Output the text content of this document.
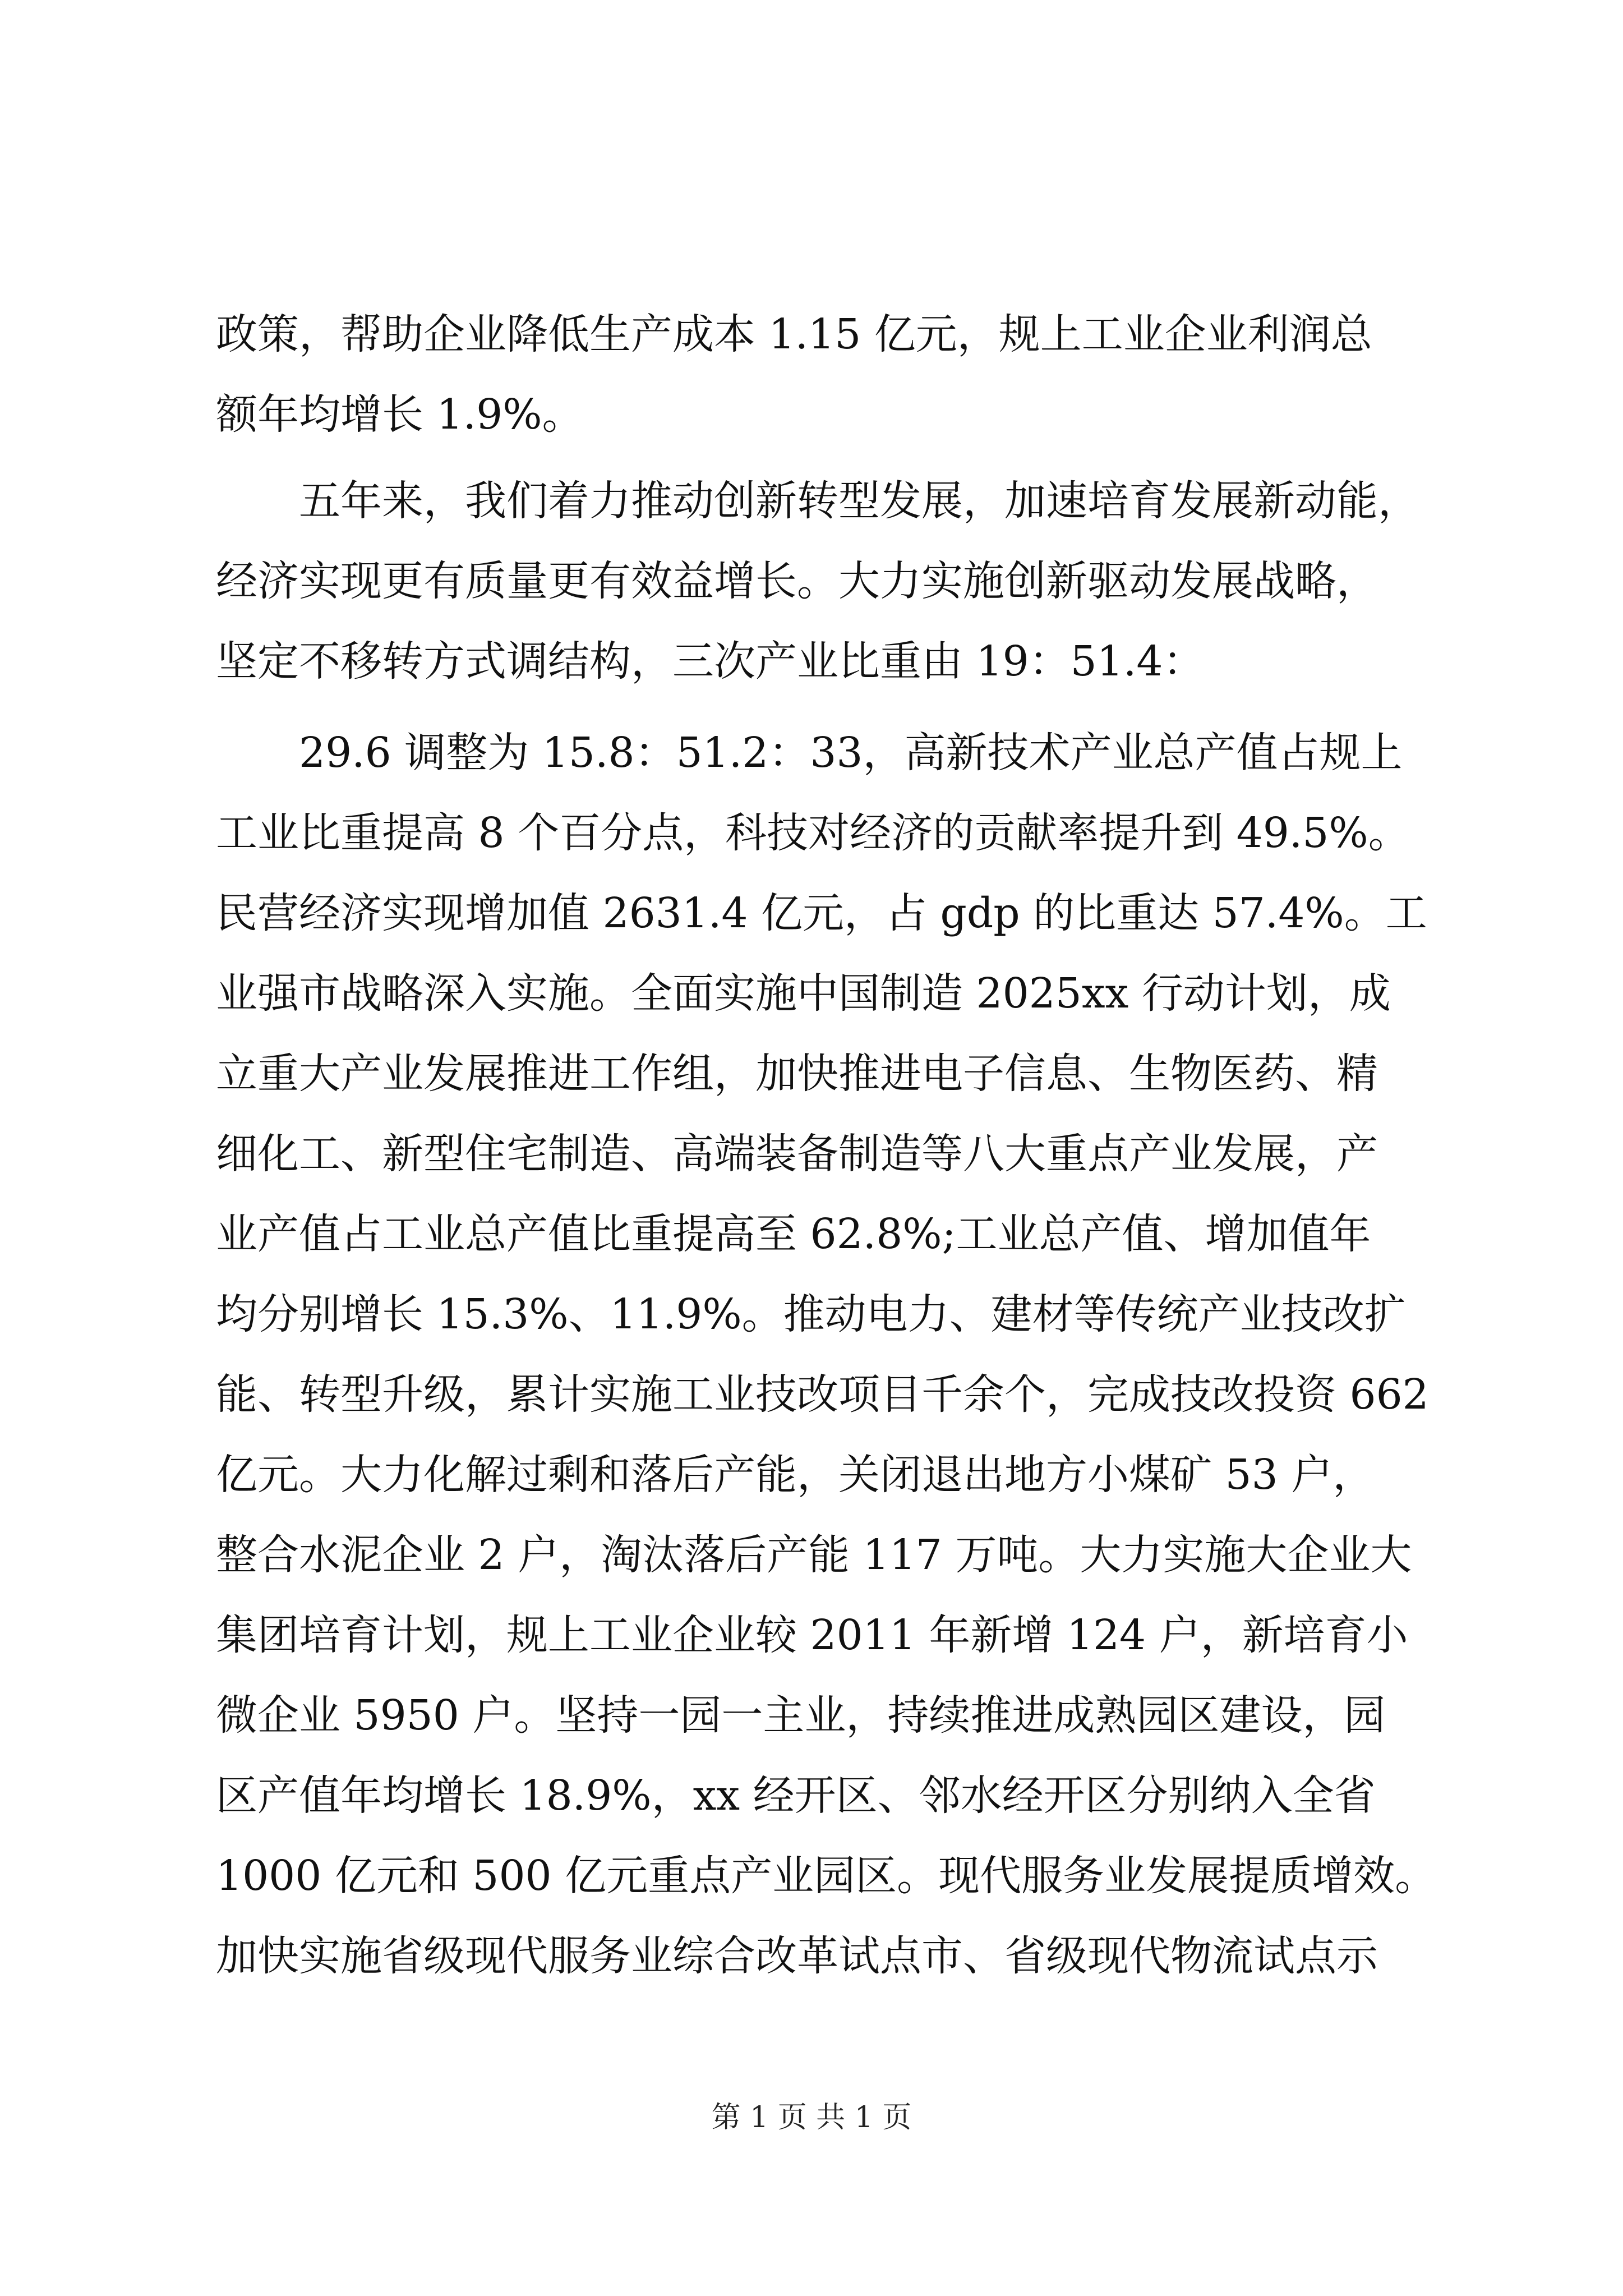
政策，帮助企业降低生产成本 1.15 亿元，规上工业企业利润总
额年均增长 1.9%。
　　五年来，我们着力推动创新转型发展，加速培育发展新动能，
经济实现更有质量更有效益增长。大力实施创新驱动发展战略，
坚定不移转方式调结构，三次产业比重由 19：51.4：
　　29.6 调整为 15.8：51.2：33，高新技术产业总产值占规上
工业比重提高 8 个百分点，科技对经济的贡献率提升到 49.5%。
民营经济实现增加值 2631.4 亿元，占 gdp 的比重达 57.4%。工
业强市战略深入实施。全面实施中国制造 2025xx 行动计划，成
立重大产业发展推进工作组，加快推进电子信息、生物医药、精
细化工、新型住宅制造、高端装备制造等八大重点产业发展，产
业产值占工业总产值比重提高至 62.8%;工业总产值、增加值年
均分别增长 15.3%、11.9%。推动电力、建材等传统产业技改扩
能、转型升级，累计实施工业技改项目千余个，完成技改投资 662
亿元。大力化解过剩和落后产能，关闭退出地方小煤矿 53 户，
整合水泥企业 2 户，淘汰落后产能 117 万吨。大力实施大企业大
集团培育计划，规上工业企业较 2011 年新增 124 户，新培育小
微企业 5950 户。坚持一园一主业，持续推进成熟园区建设，园
区产值年均增长 18.9%，xx 经开区、邻水经开区分别纳入全省
1000 亿元和 500 亿元重点产业园区。现代服务业发展提质增效。
加快实施省级现代服务业综合改革试点市、省级现代物流试点示
第 1 页 共 1 页
